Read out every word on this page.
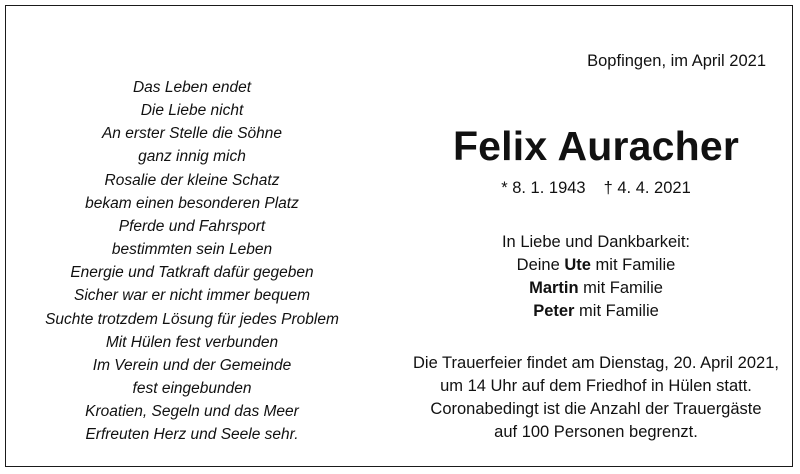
Bopfingen, im April 2021
Das Leben endet
Die Liebe nicht
An erster Stelle die Söhne
ganz innig mich
Rosalie der kleine Schatz
bekam einen besonderen Platz
Pferde und Fahrsport
bestimmten sein Leben
Energie und Tatkraft dafür gegeben
Sicher war er nicht immer bequem
Suchte trotzdem Lösung für jedes Problem
Mit Hülen fest verbunden
Im Verein und der Gemeinde
fest eingebunden
Kroatien, Segeln und das Meer
Erfreuten Herz und Seele sehr.
Felix Auracher
* 8. 1. 1943 † 4. 4. 2021
In Liebe und Dankbarkeit:
Deine Ute mit Familie
Martin mit Familie
Peter mit Familie
Die Trauerfeier findet am Dienstag, 20. April 2021,
um 14 Uhr auf dem Friedhof in Hülen statt.
Coronabedingt ist die Anzahl der Trauergäste
auf 100 Personen begrenzt.
